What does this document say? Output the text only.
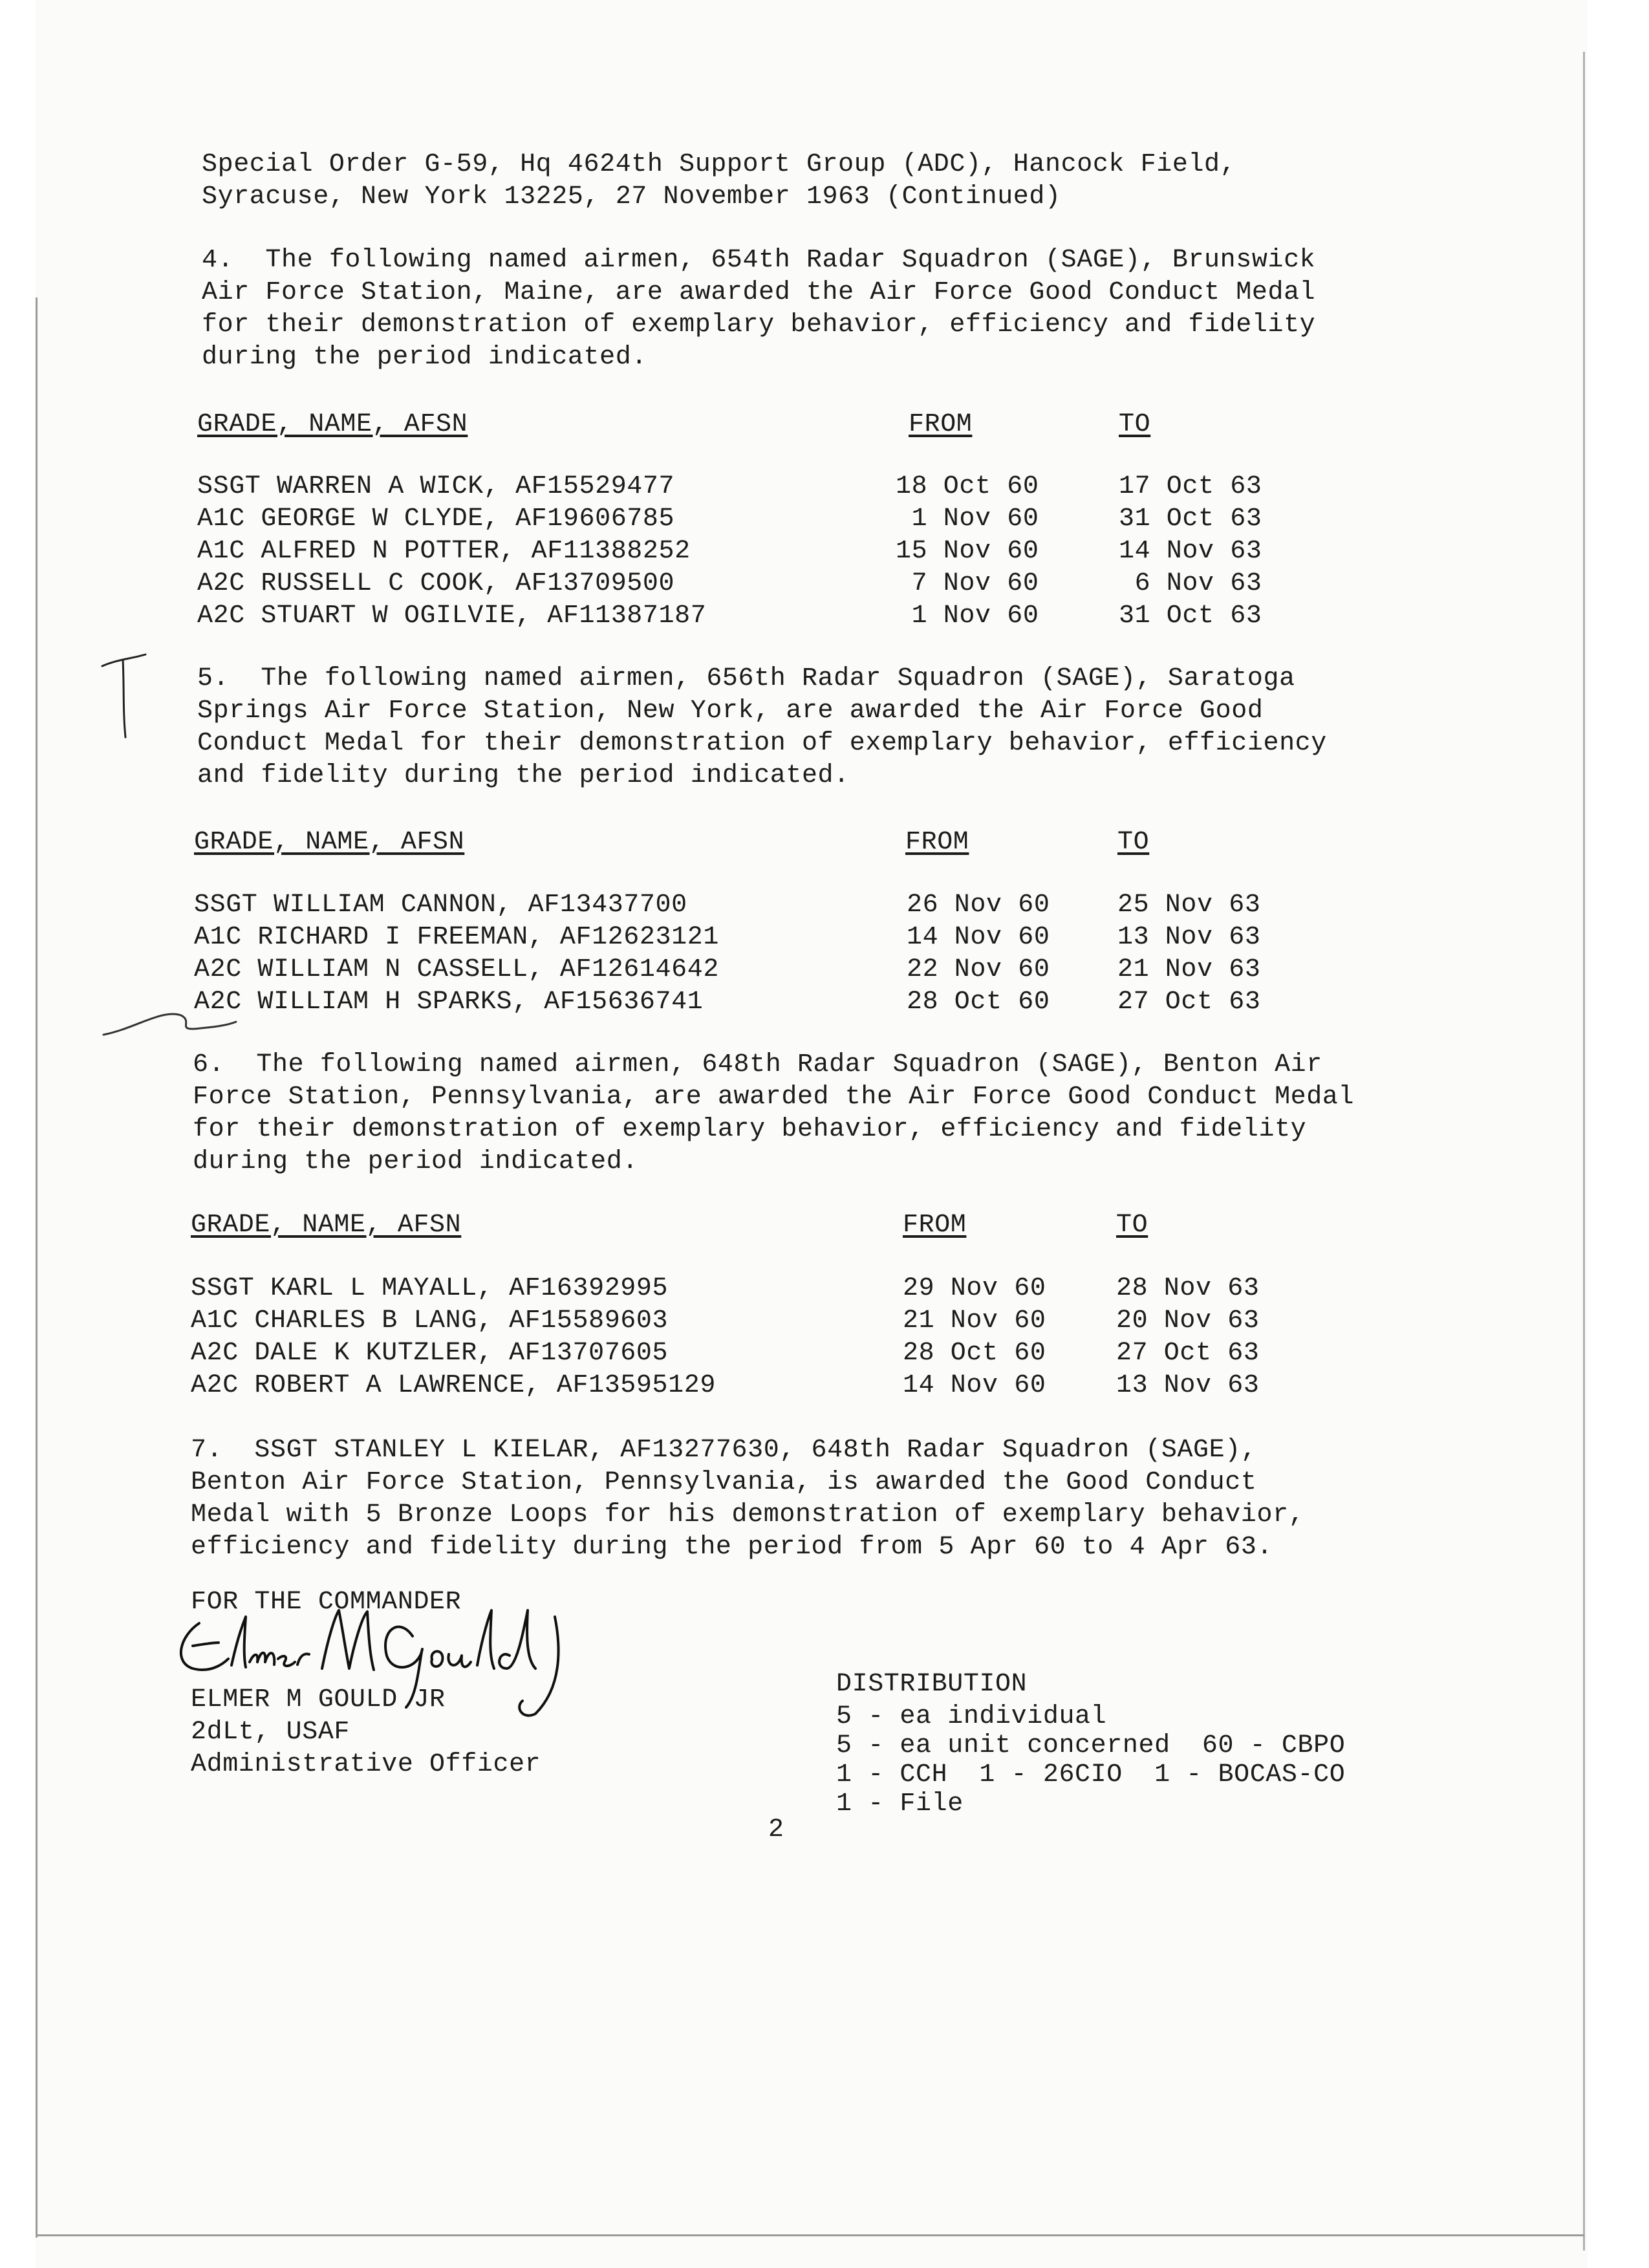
Special Order G-59, Hq 4624th Support Group (ADC), Hancock Field,
Syracuse, New York 13225, 27 November 1963 (Continued)
4.  The following named airmen, 654th Radar Squadron (SAGE), Brunswick
Air Force Station, Maine, are awarded the Air Force Good Conduct Medal
for their demonstration of exemplary behavior, efficiency and fidelity
during the period indicated.
GRADE, NAME, AFSN	FROM	TO
SSGT WARREN A WICK, AF15529477	18 Oct 60	17 Oct 63
A1C GEORGE W CLYDE, AF19606785	1 Nov 60	31 Oct 63
A1C ALFRED N POTTER, AF11388252	15 Nov 60	14 Nov 63
A2C RUSSELL C COOK, AF13709500	7 Nov 60	6 Nov 63
A2C STUART W OGILVIE, AF11387187	1 Nov 60	31 Oct 63
5.  The following named airmen, 656th Radar Squadron (SAGE), Saratoga
Springs Air Force Station, New York, are awarded the Air Force Good
Conduct Medal for their demonstration of exemplary behavior, efficiency
and fidelity during the period indicated.
GRADE, NAME, AFSN	FROM	TO
SSGT WILLIAM CANNON, AF13437700	26 Nov 60	25 Nov 63
A1C RICHARD I FREEMAN, AF12623121	14 Nov 60	13 Nov 63
A2C WILLIAM N CASSELL, AF12614642	22 Nov 60	21 Nov 63
A2C WILLIAM H SPARKS, AF15636741	28 Oct 60	27 Oct 63
6.  The following named airmen, 648th Radar Squadron (SAGE), Benton Air
Force Station, Pennsylvania, are awarded the Air Force Good Conduct Medal
for their demonstration of exemplary behavior, efficiency and fidelity
during the period indicated.
GRADE, NAME, AFSN	FROM	TO
SSGT KARL L MAYALL, AF16392995	29 Nov 60	28 Nov 63
A1C CHARLES B LANG, AF15589603	21 Nov 60	20 Nov 63
A2C DALE K KUTZLER, AF13707605	28 Oct 60	27 Oct 63
A2C ROBERT A LAWRENCE, AF13595129	14 Nov 60	13 Nov 63
7.  SSGT STANLEY L KIELAR, AF13277630, 648th Radar Squadron (SAGE),
Benton Air Force Station, Pennsylvania, is awarded the Good Conduct
Medal with 5 Bronze Loops for his demonstration of exemplary behavior,
efficiency and fidelity during the period from 5 Apr 60 to 4 Apr 63.
FOR THE COMMANDER
ELMER M GOULD JR
2dLt, USAF
Administrative Officer
DISTRIBUTION
5 - ea individual
5 - ea unit concerned  60 - CBPO
1 - CCH  1 - 26CIO  1 - BOCAS-CO
1 - File
2
